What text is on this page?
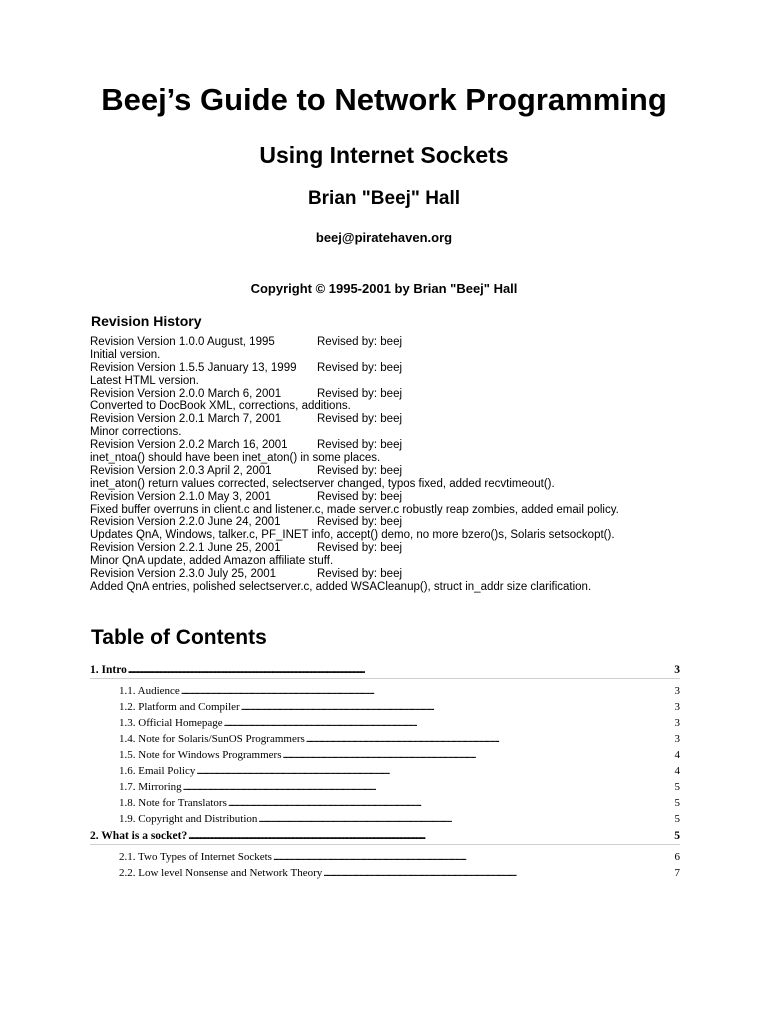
Beej’s Guide to Network Programming
Using Internet Sockets
Brian "Beej" Hall
beej@piratehaven.org
Copyright © 1995-2001 by Brian "Beej" Hall
Revision History
Revision Version 1.0.0 August, 1995	Revised by: beej
Initial version.
Revision Version 1.5.5 January 13, 1999 Revised by: beej
Latest HTML version.
Revision Version 2.0.0 March 6, 2001	Revised by: beej
Converted to DocBook XML, corrections, additions.
Revision Version 2.0.1 March 7, 2001	Revised by: beej
Minor corrections.
Revision Version 2.0.2 March 16, 2001	Revised by: beej
inet_ntoa() should have been inet_aton() in some places.
Revision Version 2.0.3 April 2, 2001	Revised by: beej
inet_aton() return values corrected, selectserver changed, typos fixed, added recvtimeout().
Revision Version 2.1.0 May 3, 2001	Revised by: beej
Fixed buffer overruns in client.c and listener.c, made server.c robustly reap zombies, added email policy.
Revision Version 2.2.0 June 24, 2001	Revised by: beej
Updates QnA, Windows, talker.c, PF_INET info, accept() demo, no more bzero()s, Solaris setsockopt().
Revision Version 2.2.1 June 25, 2001	Revised by: beej
Minor QnA update, added Amazon affiliate stuff.
Revision Version 2.3.0 July 25, 2001	Revised by: beej
Added QnA entries, polished selectserver.c, added WSACleanup(), struct in_addr size clarification.
Table of Contents
1. Intro . . .	3
1.1. Audience . . .	3
1.2. Platform and Compiler . . .	3
1.3. Official Homepage . . .	3
1.4. Note for Solaris/SunOS Programmers . . .	3
1.5. Note for Windows Programmers . . .	4
1.6. Email Policy . . .	4
1.7. Mirroring . . .	5
1.8. Note for Translators . . .	5
1.9. Copyright and Distribution . . .	5
2. What is a socket? . . .	5
2.1. Two Types of Internet Sockets . . .	6
2.2. Low level Nonsense and Network Theory . . .	7
